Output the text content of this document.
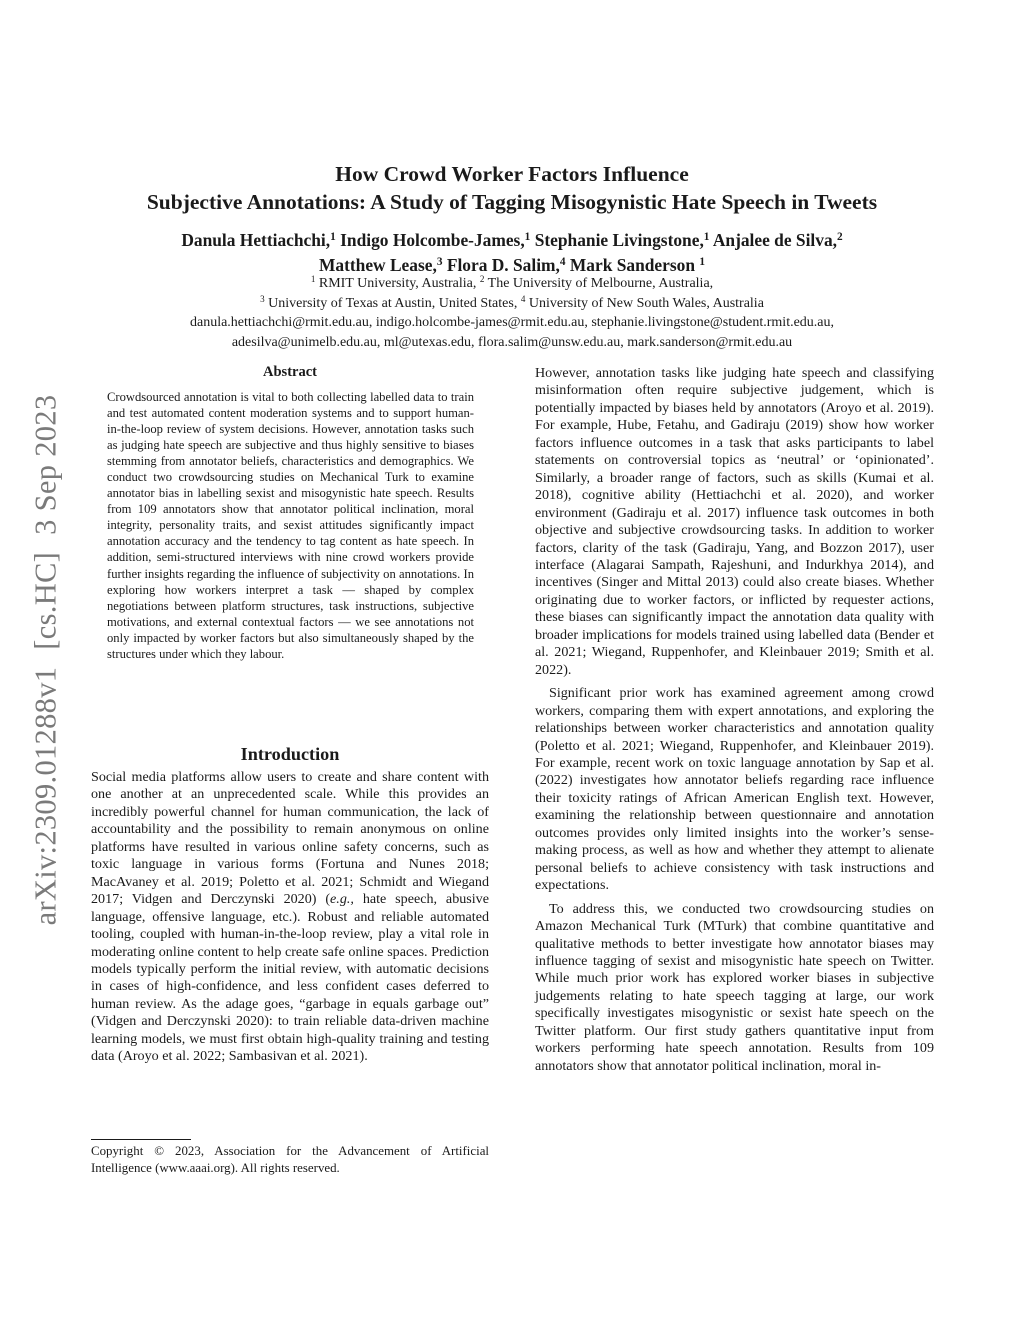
arXiv:2309.01288v1[cs.HC]3 Sep 2023
How Crowd Worker Factors Influence
Subjective Annotations: A Study of Tagging Misogynistic Hate Speech in Tweets
Danula Hettiachchi,$^1$ Indigo Holcombe-James,$^1$ Stephanie Livingstone,$^1$ Anjalee de Silva,$^2$
Matthew Lease,$^3$ Flora D. Salim,$^4$ Mark Sanderson $^1$
$^1$ RMIT University, Australia, $^2$ The University of Melbourne, Australia,
$^3$ University of Texas at Austin, United States, $^4$ University of New South Wales, Australia
danula.hettiachchi@rmit.edu.au, indigo.holcombe-james@rmit.edu.au, stephanie.livingstone@student.rmit.edu.au,
adesilva@unimelb.edu.au, ml@utexas.edu, flora.salim@unsw.edu.au, mark.sanderson@rmit.edu.au
Abstract

Crowdsourced annotation is vital to both collecting labelled data to train and test automated content moderation systems and to support human-in-the-loop review of system decisions. However, annotation tasks such as judging hate speech are subjective and thus highly sensitive to biases stemming from annotator beliefs, characteristics and demographics. We conduct two crowdsourcing studies on Mechanical Turk to examine annotator bias in labelling sexist and misogynistic hate speech. Results from 109 annotators show that annotator political inclination, moral integrity, personality traits, and sexist attitudes significantly impact annotation accuracy and the tendency to tag content as hate speech. In addition, semi-structured interviews with nine crowd workers provide further insights regarding the influence of subjectivity on annotations. In exploring how workers interpret a task — shaped by complex negotiations between platform structures, task instructions, subjective motivations, and external contextual factors — we see annotations not only impacted by worker factors but also simultaneously shaped by the structures under which they labour.

Introduction

Social media platforms allow users to create and share content with one another at an unprecedented scale. While this provides an incredibly powerful channel for human communication, the lack of accountability and the possibility to remain anonymous on online platforms have resulted in various online safety concerns, such as toxic language in various forms (Fortuna and Nunes 2018; MacAvaney et al. 2019; Poletto et al. 2021; Schmidt and Wiegand 2017; Vidgen and Derczynski 2020) (e.g., hate speech, abusive language, offensive language, etc.). Robust and reliable automated tooling, coupled with human-in-the-loop review, play a vital role in moderating online content to help create safe online spaces. Prediction models typically perform the initial review, with automatic decisions in cases of high-confidence, and less confident cases deferred to human review. As the adage goes, “garbage in equals garbage out” (Vidgen and Derczynski 2020): to train reliable data-driven machine learning models, we must first obtain high-quality training and testing data (Aroyo et al. 2022; Sambasivan et al. 2021).

Copyright © 2023, Association for the Advancement of Artificial Intelligence (www.aaai.org). All rights reserved.

However, annotation tasks like judging hate speech and classifying misinformation often require subjective judgement, which is potentially impacted by biases held by annotators (Aroyo et al. 2019). For example, Hube, Fetahu, and Gadiraju (2019) show how worker factors influence outcomes in a task that asks participants to label statements on controversial topics as ‘neutral’ or ‘opinionated’. Similarly, a broader range of factors, such as skills (Kumai et al. 2018), cognitive ability (Hettiachchi et al. 2020), and worker environment (Gadiraju et al. 2017) influence task outcomes in both objective and subjective crowdsourcing tasks. In addition to worker factors, clarity of the task (Gadiraju, Yang, and Bozzon 2017), user interface (Alagarai Sampath, Rajeshuni, and Indurkhya 2014), and incentives (Singer and Mittal 2013) could also create biases. Whether originating due to worker factors, or inflicted by requester actions, these biases can significantly impact the annotation data quality with broader implications for models trained using labelled data (Bender et al. 2021; Wiegand, Ruppenhofer, and Kleinbauer 2019; Smith et al. 2022).

Significant prior work has examined agreement among crowd workers, comparing them with expert annotations, and exploring the relationships between worker characteristics and annotation quality (Poletto et al. 2021; Wiegand, Ruppenhofer, and Kleinbauer 2019). For example, recent work on toxic language annotation by Sap et al. (2022) investigates how annotator beliefs regarding race influence their toxicity ratings of African American English text. However, examining the relationship between questionnaire and annotation outcomes provides only limited insights into the worker’s sense-making process, as well as how and whether they attempt to alienate personal beliefs to achieve consistency with task instructions and expectations.

To address this, we conducted two crowdsourcing studies on Amazon Mechanical Turk (MTurk) that combine quantitative and qualitative methods to better investigate how annotator biases may influence tagging of sexist and misogynistic hate speech on Twitter. While much prior work has explored worker biases in subjective judgements relating to hate speech tagging at large, our work specifically investigates misogynistic or sexist hate speech on the Twitter platform. Our first study gathers quantitative input from workers performing hate speech annotation. Results from 109 annotators show that annotator political inclination, moral in-
